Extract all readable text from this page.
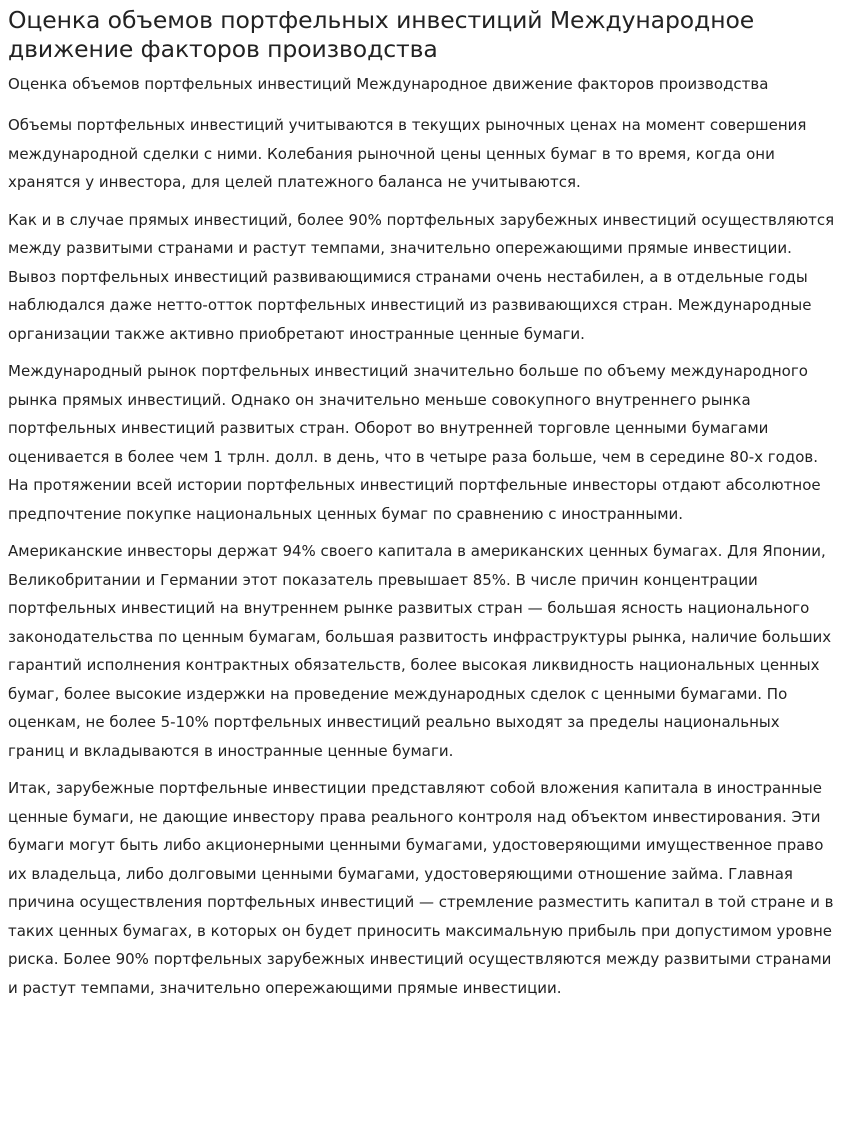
Оценка объемов портфельных инвестиций Международное движение факторов производства
Оценка объемов портфельных инвестиций Международное движение факторов производства

Объемы портфельных инвестиций учитываются в текущих рыночных ценах на момент совершения международной сделки с ними. Колебания рыночной цены ценных бумаг в то время, когда они хранятся у инвестора, для целей платежного баланса не учитываются.

Как и в случае прямых инвестиций, более 90% портфельных зарубежных инвестиций осуществляются между развитыми странами и растут темпами, значительно опережающими прямые инвестиции. Вывоз портфельных инвестиций развивающимися странами очень нестабилен, а в отдельные годы наблюдался даже нетто-отток портфельных инвестиций из развивающихся стран. Международные организации также активно приобретают иностранные ценные бумаги.

Международный рынок портфельных инвестиций значительно больше по объему международного рынка прямых инвестиций. Однако он значительно меньше совокупного внутреннего рынка портфельных инвестиций развитых стран. Оборот во внутренней торговле ценными бумагами оценивается в более чем 1 трлн. долл. в день, что в четыре раза больше, чем в середине 80-х годов. На протяжении всей истории портфельных инвестиций портфельные инвесторы отдают абсолютное предпочтение покупке национальных ценных бумаг по сравнению с иностранными.

Американские инвесторы держат 94% своего капитала в американских ценных бумагах. Для Японии, Великобритании и Германии этот показатель превышает 85%. В числе причин концентрации портфельных инвестиций на внутреннем рынке развитых стран — большая ясность национального законодательства по ценным бумагам, большая развитость инфраструктуры рынка, наличие больших гарантий исполнения контрактных обязательств, более высокая ликвидность национальных ценных бумаг, более высокие издержки на проведение международных сделок с ценными бумагами. По оценкам, не более 5-10% портфельных инвестиций реально выходят за пределы национальных границ и вкладываются в иностранные ценные бумаги.

Итак, зарубежные портфельные инвестиции представляют собой вложения капитала в иностранные ценные бумаги, не дающие инвестору права реального контроля над объектом инвестирования. Эти бумаги могут быть либо акционерными ценными бумагами, удостоверяющими имущественное право их владельца, либо долговыми ценными бумагами, удостоверяющими отношение займа. Главная причина осуществления портфельных инвестиций — стремление разместить капитал в той стране и в таких ценных бумагах, в которых он будет приносить максимальную прибыль при допустимом уровне риска. Более 90% портфельных зарубежных инвестиций осуществляются между развитыми странами и растут темпами, значительно опережающими прямые инвестиции.
